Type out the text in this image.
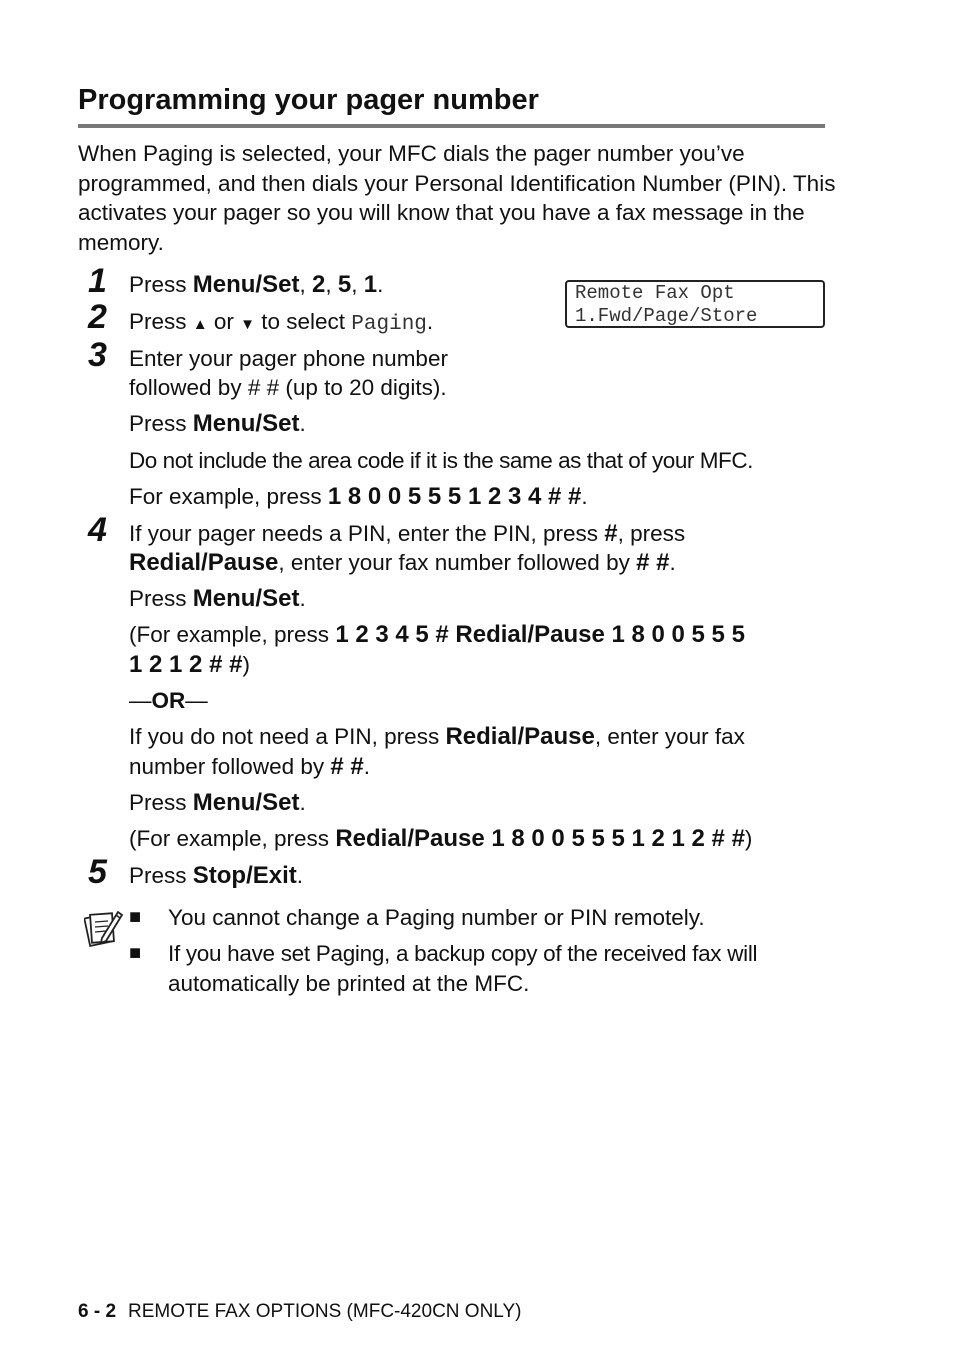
Programming your pager number

When Paging is selected, your MFC dials the pager number you’ve programmed, and then dials your Personal Identification Number (PIN). This activates your pager so you will know that you have a fax message in the memory.

Remote Fax Opt
1.Fwd/Page/Store
1 Press Menu/Set, 2, 5, 1.
2 Press ▲ or ▼ to select Paging.
3 Enter your pager phone number
followed by # # (up to 20 digits).
Press Menu/Set.
Do not include the area code if it is the same as that of your MFC.
For example, press 1 8 0 0 5 5 5 1 2 3 4 # #.
4 If your pager needs a PIN, enter the PIN, press #, press
Redial/Pause, enter your fax number followed by # #.
Press Menu/Set.
(For example, press 1 2 3 4 5 # Redial/Pause 1 8 0 0 5 5 5
1 2 1 2 # #)
—OR—
If you do not need a PIN, press Redial/Pause, enter your fax
number followed by # #.
Press Menu/Set.
(For example, press Redial/Pause 1 8 0 0 5 5 5 1 2 1 2 # #)
5 Press Stop/Exit.
■ You cannot change a Paging number or PIN remotely.
■ If you have set Paging, a backup copy of the received fax will
automatically be printed at the MFC.
6 - 2 REMOTE FAX OPTIONS (MFC-420CN ONLY)
